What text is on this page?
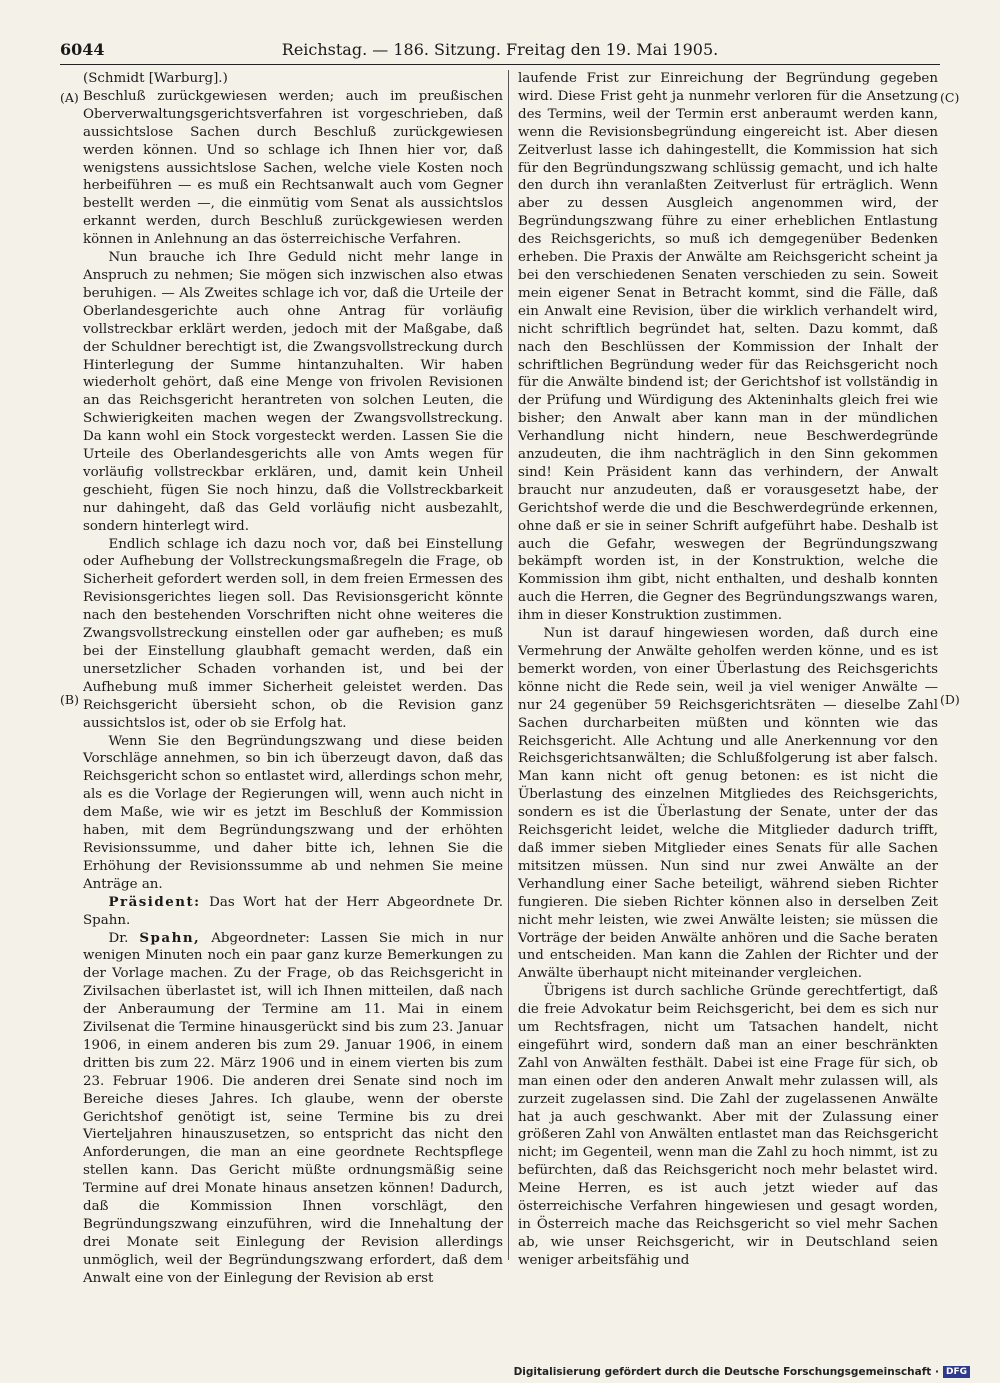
6044	Reichstag. — 186. Sitzung. Freitag den 19. Mai 1905.
(A)
(B)
(C)
(D)

(Schmidt [Warburg].)

Beschluß zurückgewiesen werden; auch im preußischen Oberverwaltungsgerichtsverfahren ist vorgeschrieben, daß aussichtslose Sachen durch Beschluß zurückgewiesen werden können. Und so schlage ich Ihnen hier vor, daß wenigstens aussichtslose Sachen, welche viele Kosten noch herbeiführen — es muß ein Rechtsanwalt auch vom Gegner bestellt werden —, die einmütig vom Senat als aussichtslos erkannt werden, durch Beschluß zurückgewiesen werden können in Anlehnung an das österreichische Verfahren.

Nun brauche ich Ihre Geduld nicht mehr lange in Anspruch zu nehmen; Sie mögen sich inzwischen also etwas beruhigen. — Als Zweites schlage ich vor, daß die Urteile der Oberlandesgerichte auch ohne Antrag für vorläufig vollstreckbar erklärt werden, jedoch mit der Maßgabe, daß der Schuldner berechtigt ist, die Zwangsvollstreckung durch Hinterlegung der Summe hintanzuhalten. Wir haben wiederholt gehört, daß eine Menge von frivolen Revisionen an das Reichsgericht herantreten von solchen Leuten, die Schwierigkeiten machen wegen der Zwangsvollstreckung. Da kann wohl ein Stock vorgesteckt werden. Lassen Sie die Urteile des Oberlandesgerichts alle von Amts wegen für vorläufig vollstreckbar erklären, und, damit kein Unheil geschieht, fügen Sie noch hinzu, daß die Vollstreckbarkeit nur dahingeht, daß das Geld vorläufig nicht ausbezahlt, sondern hinterlegt wird.

Endlich schlage ich dazu noch vor, daß bei Einstellung oder Aufhebung der Vollstreckungsmaßregeln die Frage, ob Sicherheit gefordert werden soll, in dem freien Ermessen des Revisionsgerichtes liegen soll. Das Revisionsgericht könnte nach den bestehenden Vorschriften nicht ohne weiteres die Zwangsvollstreckung einstellen oder gar aufheben; es muß bei der Einstellung glaubhaft gemacht werden, daß ein unersetzlicher Schaden vorhanden ist, und bei der Aufhebung muß immer Sicherheit geleistet werden. Das Reichsgericht übersieht schon, ob die Revision ganz aussichtslos ist, oder ob sie Erfolg hat.

Wenn Sie den Begründungszwang und diese beiden Vorschläge annehmen, so bin ich überzeugt davon, daß das Reichsgericht schon so entlastet wird, allerdings schon mehr, als es die Vorlage der Regierungen will, wenn auch nicht in dem Maße, wie wir es jetzt im Beschluß der Kommission haben, mit dem Begründungszwang und der erhöhten Revisionssumme, und daher bitte ich, lehnen Sie die Erhöhung der Revisionssumme ab und nehmen Sie meine Anträge an.

Präsident: Das Wort hat der Herr Abgeordnete Dr. Spahn.

Dr. Spahn, Abgeordneter: Lassen Sie mich in nur wenigen Minuten noch ein paar ganz kurze Bemerkungen zu der Vorlage machen. Zu der Frage, ob das Reichsgericht in Zivilsachen überlastet ist, will ich Ihnen mitteilen, daß nach der Anberaumung der Termine am 11. Mai in einem Zivilsenat die Termine hinausgerückt sind bis zum 23. Januar 1906, in einem anderen bis zum 29. Januar 1906, in einem dritten bis zum 22. März 1906 und in einem vierten bis zum 23. Februar 1906. Die anderen drei Senate sind noch im Bereiche dieses Jahres. Ich glaube, wenn der oberste Gerichtshof genötigt ist, seine Termine bis zu drei Vierteljahren hinauszusetzen, so entspricht das nicht den Anforderungen, die man an eine geordnete Rechtspflege stellen kann. Das Gericht müßte ordnungsmäßig seine Termine auf drei Monate hinaus ansetzen können! Dadurch, daß die Kommission Ihnen vorschlägt, den Begründungszwang einzuführen, wird die Innehaltung der drei Monate seit Einlegung der Revision allerdings unmöglich, weil der Begründungszwang erfordert, daß dem Anwalt eine von der Einlegung der Revision ab erst

laufende Frist zur Einreichung der Begründung gegeben wird. Diese Frist geht ja nunmehr verloren für die Ansetzung des Termins, weil der Termin erst anberaumt werden kann, wenn die Revisionsbegründung eingereicht ist. Aber diesen Zeitverlust lasse ich dahingestellt, die Kommission hat sich für den Begründungszwang schlüssig gemacht, und ich halte den durch ihn veranlaßten Zeitverlust für erträglich. Wenn aber zu dessen Ausgleich angenommen wird, der Begründungszwang führe zu einer erheblichen Entlastung des Reichsgerichts, so muß ich demgegenüber Bedenken erheben. Die Praxis der Anwälte am Reichsgericht scheint ja bei den verschiedenen Senaten verschieden zu sein. Soweit mein eigener Senat in Betracht kommt, sind die Fälle, daß ein Anwalt eine Revision, über die wirklich verhandelt wird, nicht schriftlich begründet hat, selten. Dazu kommt, daß nach den Beschlüssen der Kommission der Inhalt der schriftlichen Begründung weder für das Reichsgericht noch für die Anwälte bindend ist; der Gerichtshof ist vollständig in der Prüfung und Würdigung des Akteninhalts gleich frei wie bisher; den Anwalt aber kann man in der mündlichen Verhandlung nicht hindern, neue Beschwerdegründe anzudeuten, die ihm nachträglich in den Sinn gekommen sind! Kein Präsident kann das verhindern, der Anwalt braucht nur anzudeuten, daß er vorausgesetzt habe, der Gerichtshof werde die und die Beschwerdegründe erkennen, ohne daß er sie in seiner Schrift aufgeführt habe. Deshalb ist auch die Gefahr, weswegen der Begründungszwang bekämpft worden ist, in der Konstruktion, welche die Kommission ihm gibt, nicht enthalten, und deshalb konnten auch die Herren, die Gegner des Begründungszwangs waren, ihm in dieser Konstruktion zustimmen.

Nun ist darauf hingewiesen worden, daß durch eine Vermehrung der Anwälte geholfen werden könne, und es ist bemerkt worden, von einer Überlastung des Reichsgerichts könne nicht die Rede sein, weil ja viel weniger Anwälte — nur 24 gegenüber 59 Reichsgerichtsräten — dieselbe Zahl Sachen durcharbeiten müßten und könnten wie das Reichsgericht. Alle Achtung und alle Anerkennung vor den Reichsgerichtsanwälten; die Schlußfolgerung ist aber falsch. Man kann nicht oft genug betonen: es ist nicht die Überlastung des einzelnen Mitgliedes des Reichsgerichts, sondern es ist die Überlastung der Senate, unter der das Reichsgericht leidet, welche die Mitglieder dadurch trifft, daß immer sieben Mitglieder eines Senats für alle Sachen mitsitzen müssen. Nun sind nur zwei Anwälte an der Verhandlung einer Sache beteiligt, während sieben Richter fungieren. Die sieben Richter können also in derselben Zeit nicht mehr leisten, wie zwei Anwälte leisten; sie müssen die Vorträge der beiden Anwälte anhören und die Sache beraten und entscheiden. Man kann die Zahlen der Richter und der Anwälte überhaupt nicht miteinander vergleichen.

Übrigens ist durch sachliche Gründe gerechtfertigt, daß die freie Advokatur beim Reichsgericht, bei dem es sich nur um Rechtsfragen, nicht um Tatsachen handelt, nicht eingeführt wird, sondern daß man an einer beschränkten Zahl von Anwälten festhält. Dabei ist eine Frage für sich, ob man einen oder den anderen Anwalt mehr zulassen will, als zurzeit zugelassen sind. Die Zahl der zugelassenen Anwälte hat ja auch geschwankt. Aber mit der Zulassung einer größeren Zahl von Anwälten entlastet man das Reichsgericht nicht; im Gegenteil, wenn man die Zahl zu hoch nimmt, ist zu befürchten, daß das Reichsgericht noch mehr belastet wird. Meine Herren, es ist auch jetzt wieder auf das österreichische Verfahren hingewiesen und gesagt worden, in Österreich mache das Reichsgericht so viel mehr Sachen ab, wie unser Reichsgericht, wir in Deutschland seien weniger arbeitsfähig und

Digitalisierung gefördert durch die Deutsche Forschungsgemeinschaft · DFG
